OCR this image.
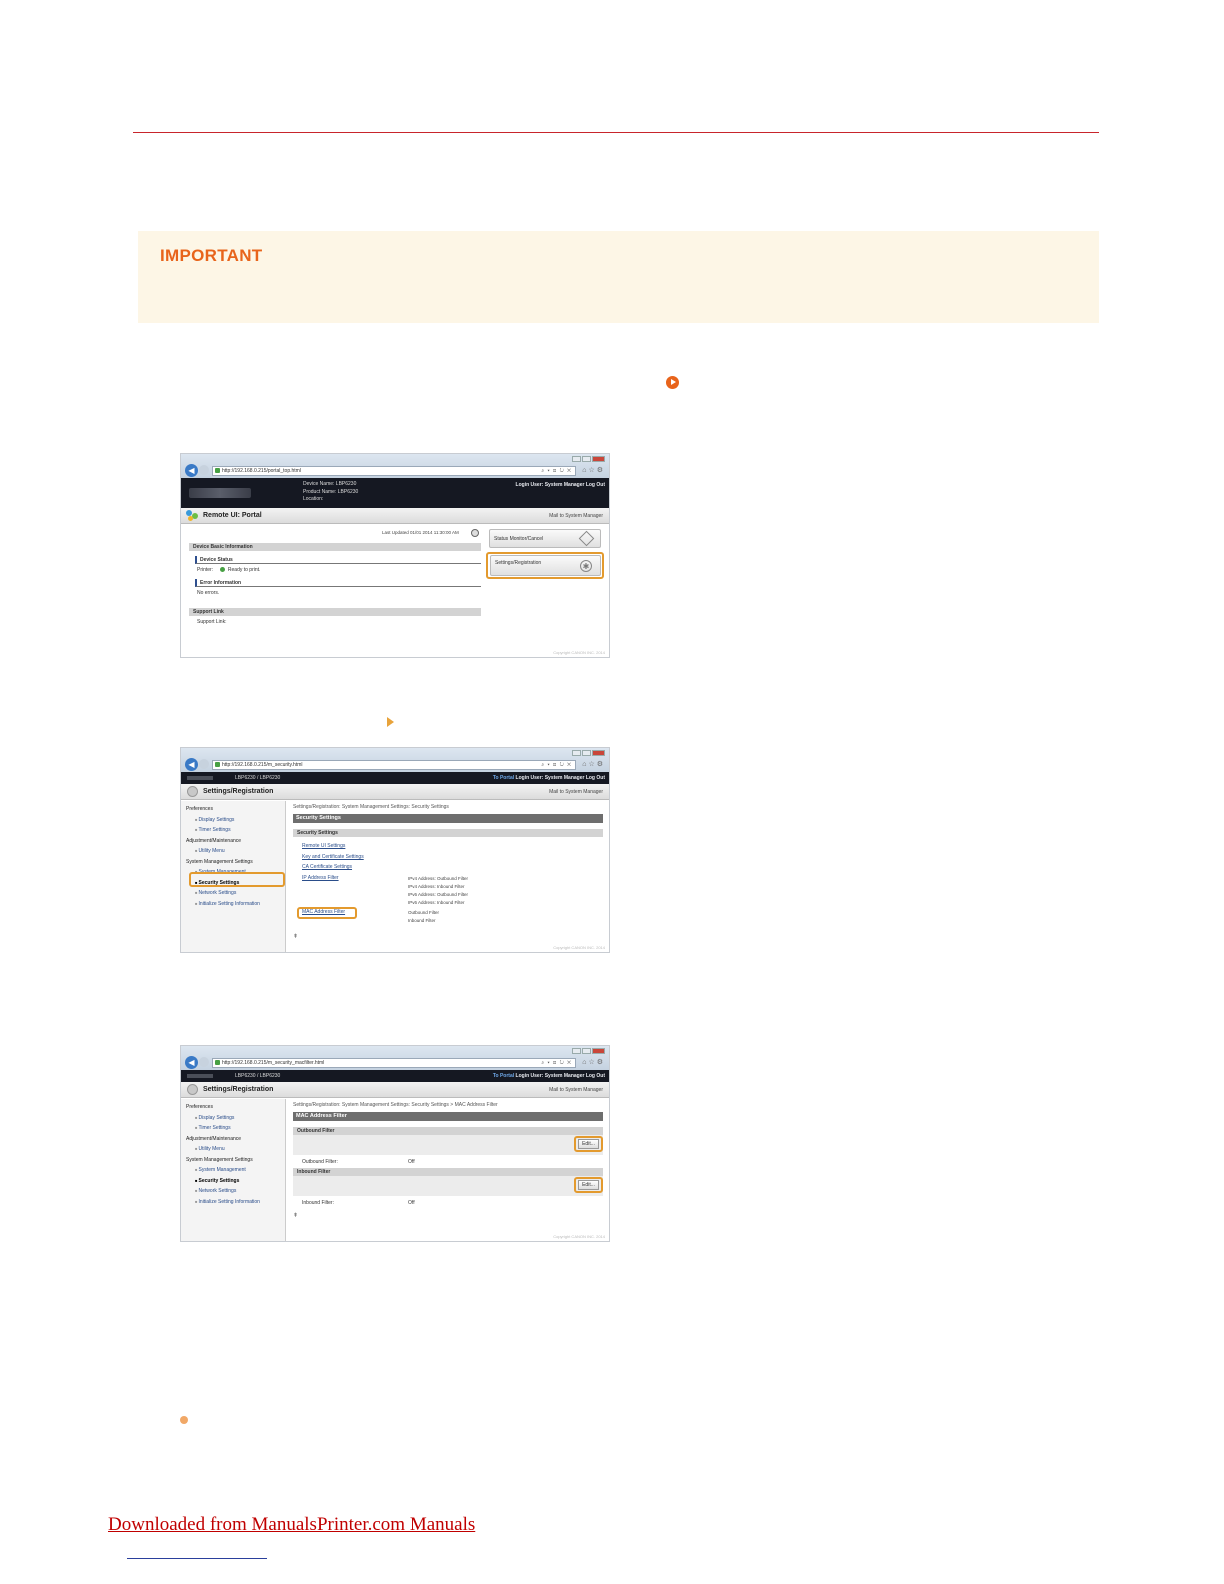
IMPORTANT
◀	http://192.168.0.215/portal_top.html	⌕ ▾ ⊡ ↻ ✕ ⌂☆⚙
Device Name: LBP6230
Product Name: LBP6230
Location:
Login User: System Manager Log Out
Remote UI: Portal	Mail to System Manager
Last Updated 01/01 2014 11:30:00 AM
Device Basic Information
Device Status
Printer:	Ready to print.
Error Information
No errors.
Support Link
Support Link:
Status Monitor/Cancel
Settings/Registration	✱
Copyright CANON INC. 2014
◀	http://192.168.0.215/m_security.html	⌕ ▾ ⊡ ↻ ✕ ⌂☆⚙
LBP6230 / LBP6230	To Portal Login User: System Manager Log Out
Settings/Registration	Mail to System Manager
Preferences
■ Display Settings
■ Timer Settings
Adjustment/Maintenance
■ Utility Menu
System Management Settings
■ System Management
■ Security Settings
■ Network Settings
■ Initialize Setting Information
Settings/Registration: System Management Settings: Security Settings
Security Settings
Security Settings
Remote UI Settings
Key and Certificate Settings
CA Certificate Settings
IP Address Filter	IPv4 Address: Outbound Filter
IPv4 Address: Inbound Filter
IPv6 Address: Outbound Filter
IPv6 Address: Inbound Filter
MAC Address Filter	Outbound Filter
Inbound Filter
⇞
Copyright CANON INC. 2014
◀	http://192.168.0.215/m_security_macfilter.html	⌕ ▾ ⊡ ↻ ✕ ⌂☆⚙
LBP6230 / LBP6230	To Portal Login User: System Manager Log Out
Settings/Registration	Mail to System Manager
Preferences
■ Display Settings
■ Timer Settings
Adjustment/Maintenance
■ Utility Menu
System Management Settings
■ System Management
■ Security Settings
■ Network Settings
■ Initialize Setting Information
Settings/Registration: System Management Settings: Security Settings > MAC Address Filter
MAC Address Filter
Outbound Filter
Edit...
Outbound Filter:	Off
Inbound Filter
Edit...
Inbound Filter:	Off
⇞
Copyright CANON INC. 2014
Downloaded from ManualsPrinter.com Manuals
